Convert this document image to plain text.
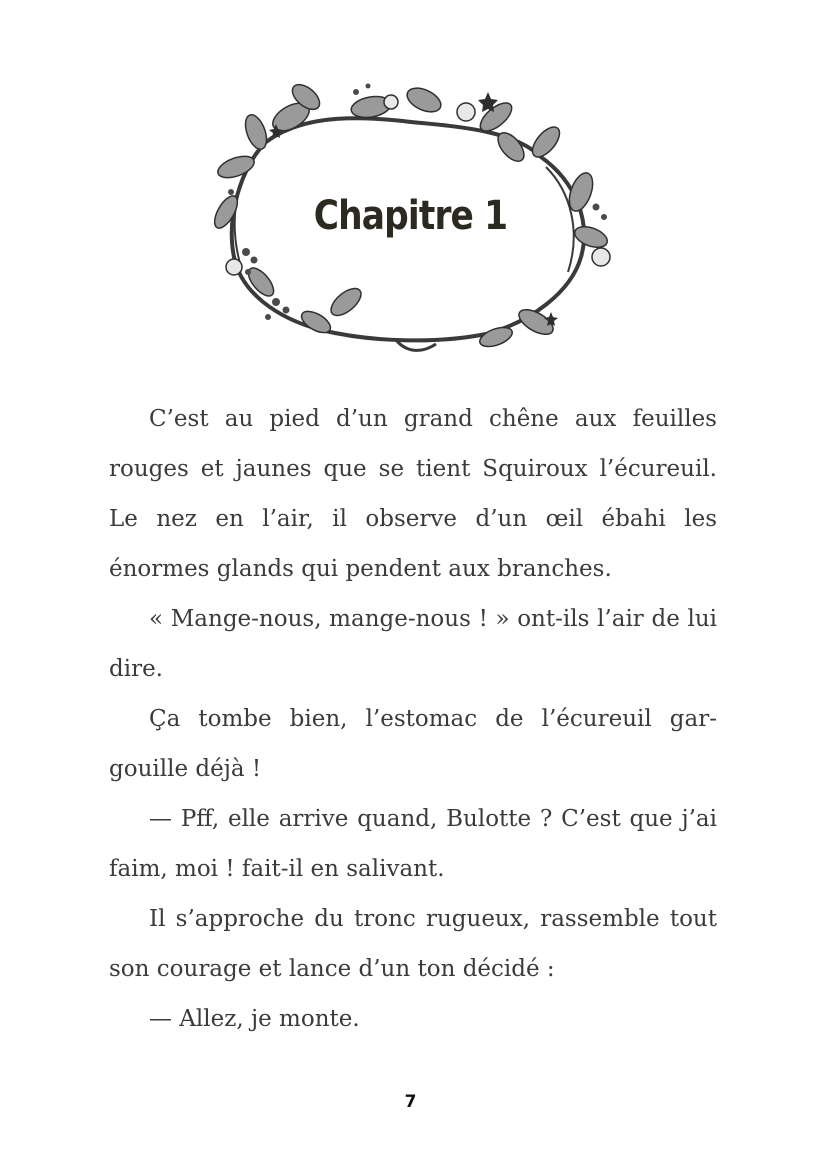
Chapitre 1

C’est au pied d’un grand chêne aux feuilles rouges et jaunes que se tient Squiroux l’écureuil. Le nez en l’air, il observe d’un œil ébahi les énormes glands qui pendent aux branches.

« Mange-nous, mange-nous ! » ont-ils l’air de lui dire.

Ça tombe bien, l’estomac de l’écureuil gar- gouille déjà !

— Pff, elle arrive quand, Bulotte ? C’est que j’ai faim, moi ! fait-il en salivant.

Il s’approche du tronc rugueux, rassemble tout son courage et lance d’un ton décidé :

— Allez, je monte.

7
